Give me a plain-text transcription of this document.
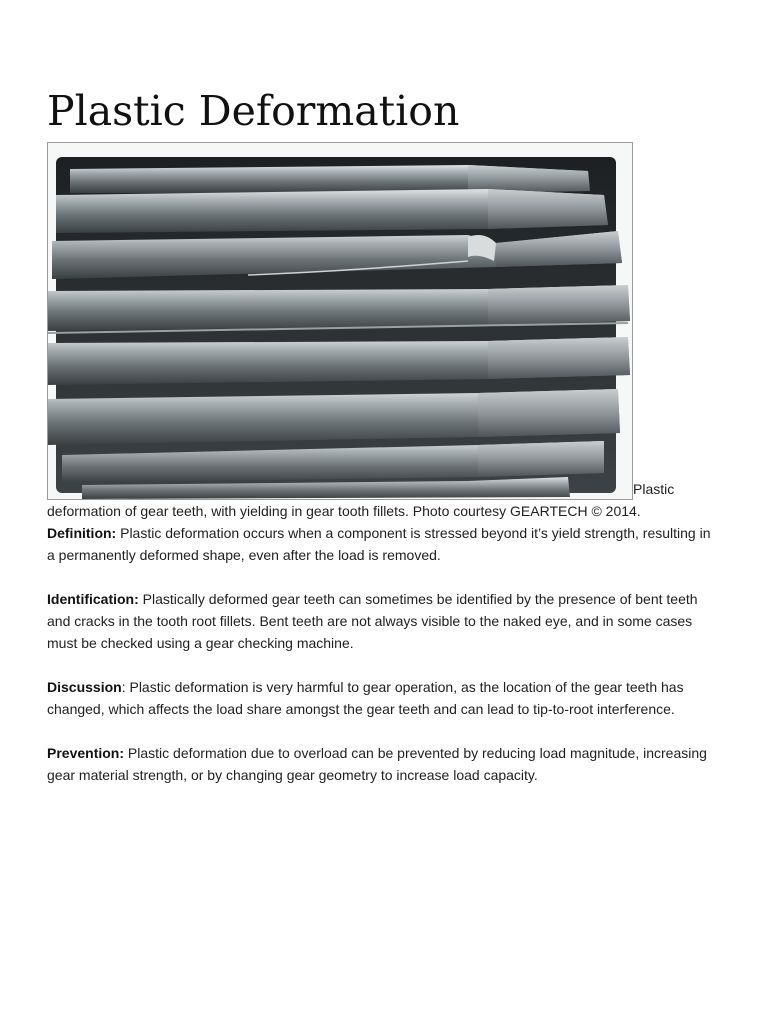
Plastic Deformation

Plastic deformation of gear teeth, with yielding in gear tooth fillets. Photo courtesy GEARTECH © 2014.

Definition: Plastic deformation occurs when a component is stressed beyond it’s yield strength, resulting in a permanently deformed shape, even after the load is removed.

Identification: Plastically deformed gear teeth can sometimes be identified by the presence of bent teeth and cracks in the tooth root fillets. Bent teeth are not always visible to the naked eye, and in some cases must be checked using a gear checking machine.

Discussion: Plastic deformation is very harmful to gear operation, as the location of the gear teeth has changed, which affects the load share amongst the gear teeth and can lead to tip-to-root interference.

Prevention: Plastic deformation due to overload can be prevented by reducing load magnitude, increasing gear material strength, or by changing gear geometry to increase load capacity.
